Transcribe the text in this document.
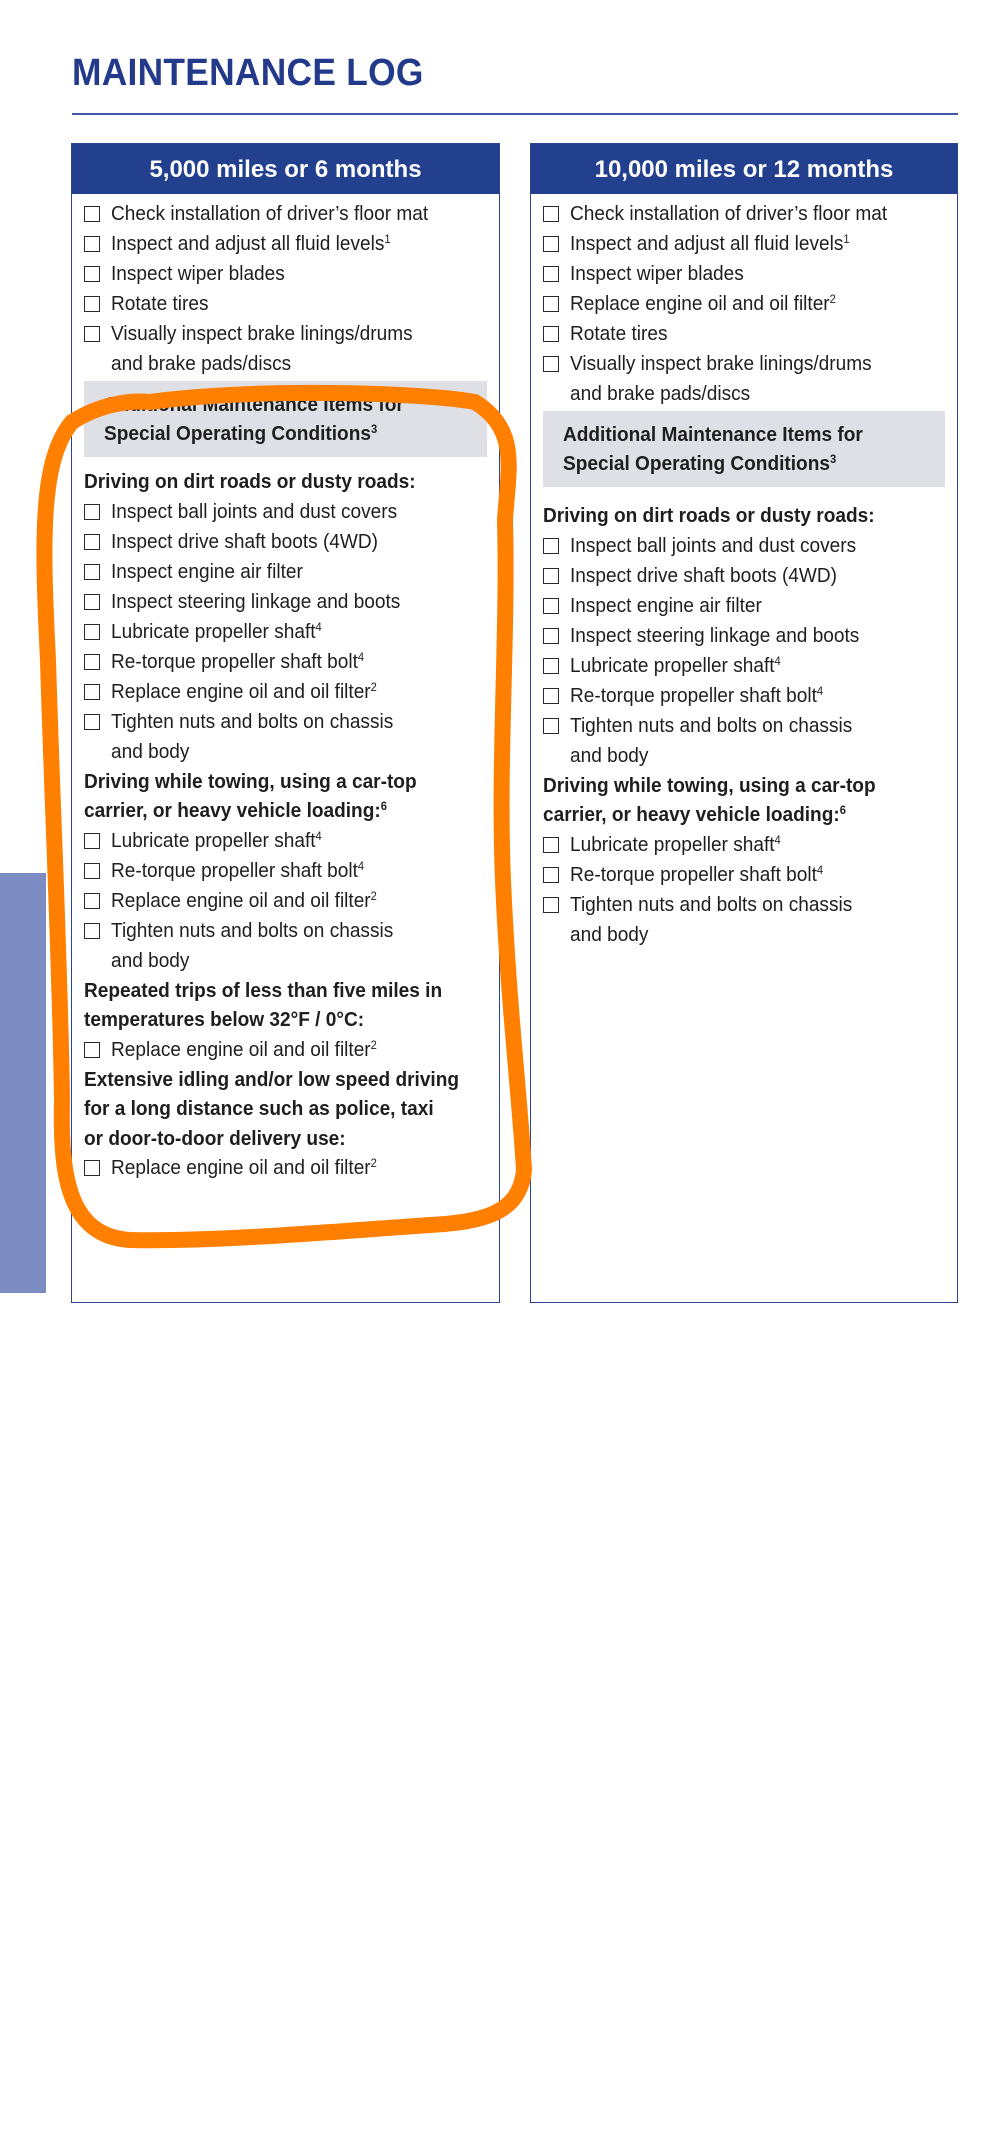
MAINTENANCE LOG
5,000 miles or 6 months
Check installation of driver’s floor mat
Inspect and adjust all fluid levels$^1$
Inspect wiper blades
Rotate tires
Visually inspect brake linings/drums
and brake pads/discs
Additional Maintenance Items for
Special Operating Conditions$^3$
Driving on dirt roads or dusty roads:
Inspect ball joints and dust covers
Inspect drive shaft boots (4WD)
Inspect engine air filter
Inspect steering linkage and boots
Lubricate propeller shaft$^4$
Re-torque propeller shaft bolt$^4$
Replace engine oil and oil filter$^2$
Tighten nuts and bolts on chassis
and body
Driving while towing, using a car-top
carrier, or heavy vehicle loading:$^6$
Lubricate propeller shaft$^4$
Re-torque propeller shaft bolt$^4$
Replace engine oil and oil filter$^2$
Tighten nuts and bolts on chassis
and body
Repeated trips of less than five miles in
temperatures below 32°F / 0°C:
Replace engine oil and oil filter$^2$
Extensive idling and/or low speed driving
for a long distance such as police, taxi
or door-to-door delivery use:
Replace engine oil and oil filter$^2$
10,000 miles or 12 months
Check installation of driver’s floor mat
Inspect and adjust all fluid levels$^1$
Inspect wiper blades
Replace engine oil and oil filter$^2$
Rotate tires
Visually inspect brake linings/drums
and brake pads/discs
Additional Maintenance Items for
Special Operating Conditions$^3$
Driving on dirt roads or dusty roads:
Inspect ball joints and dust covers
Inspect drive shaft boots (4WD)
Inspect engine air filter
Inspect steering linkage and boots
Lubricate propeller shaft$^4$
Re-torque propeller shaft bolt$^4$
Tighten nuts and bolts on chassis
and body
Driving while towing, using a car-top
carrier, or heavy vehicle loading:$^6$
Lubricate propeller shaft$^4$
Re-torque propeller shaft bolt$^4$
Tighten nuts and bolts on chassis
and body
ANCE
